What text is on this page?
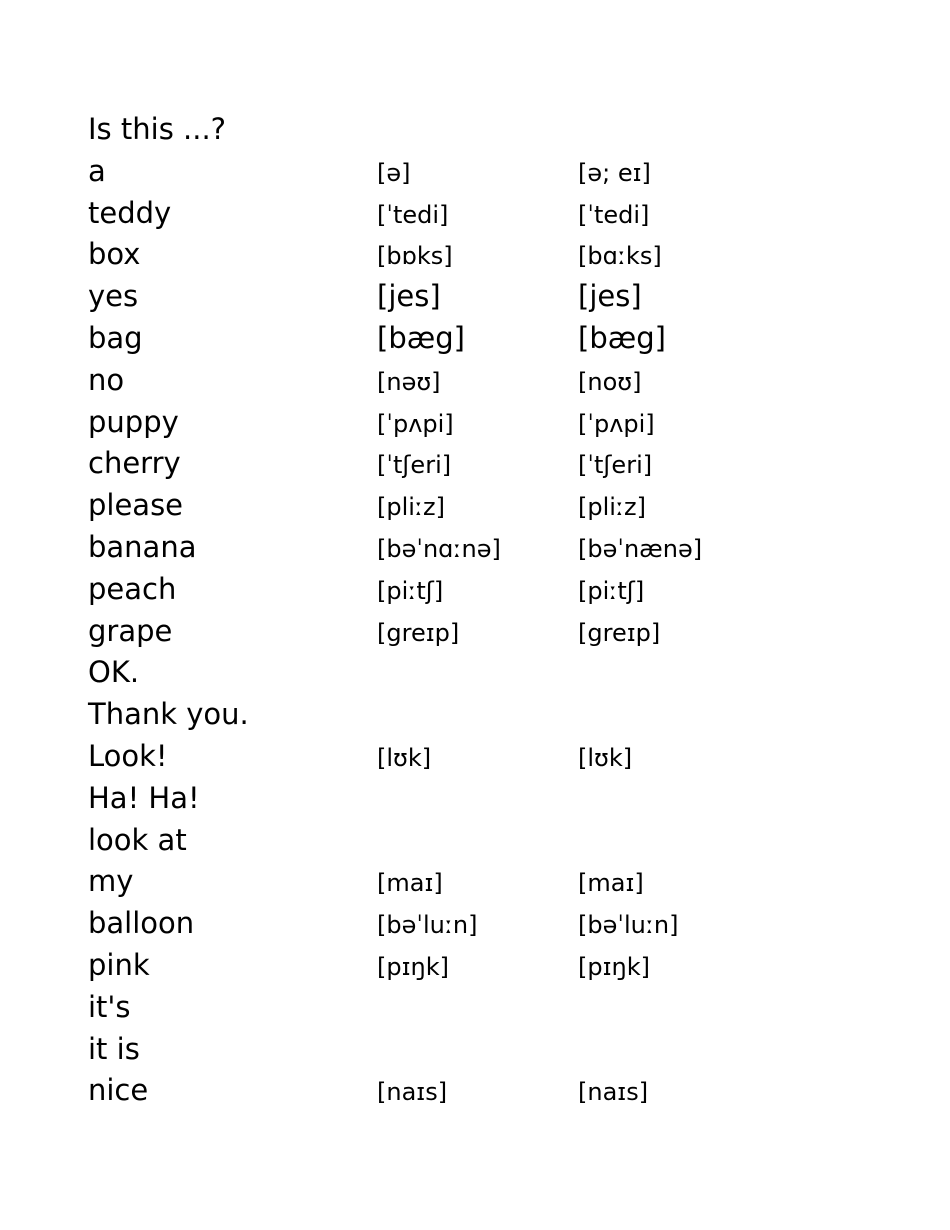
Is this ...?
a	[ə]	[ə; eɪ]
teddy	[ˈtedi]	[ˈtedi]
box	[bɒks]	[bɑːks]
yes	[jes]	[jes]
bag	[bæg]	[bæg]
no	[nəʊ]	[noʊ]
puppy	[ˈpʌpi]	[ˈpʌpi]
cherry	[ˈtʃeri]	[ˈtʃeri]
please	[pliːz]	[pliːz]
banana	[bəˈnɑːnə]	[bəˈnænə]
peach	[piːtʃ]	[piːtʃ]
grape	[greɪp]	[greɪp]
OK.
Thank you.
Look!	[lʊk]	[lʊk]
Ha! Ha!
look at
my	[maɪ]	[maɪ]
balloon	[bəˈluːn]	[bəˈluːn]
pink	[pɪŋk]	[pɪŋk]
it's
it is
nice	[naɪs]	[naɪs]
